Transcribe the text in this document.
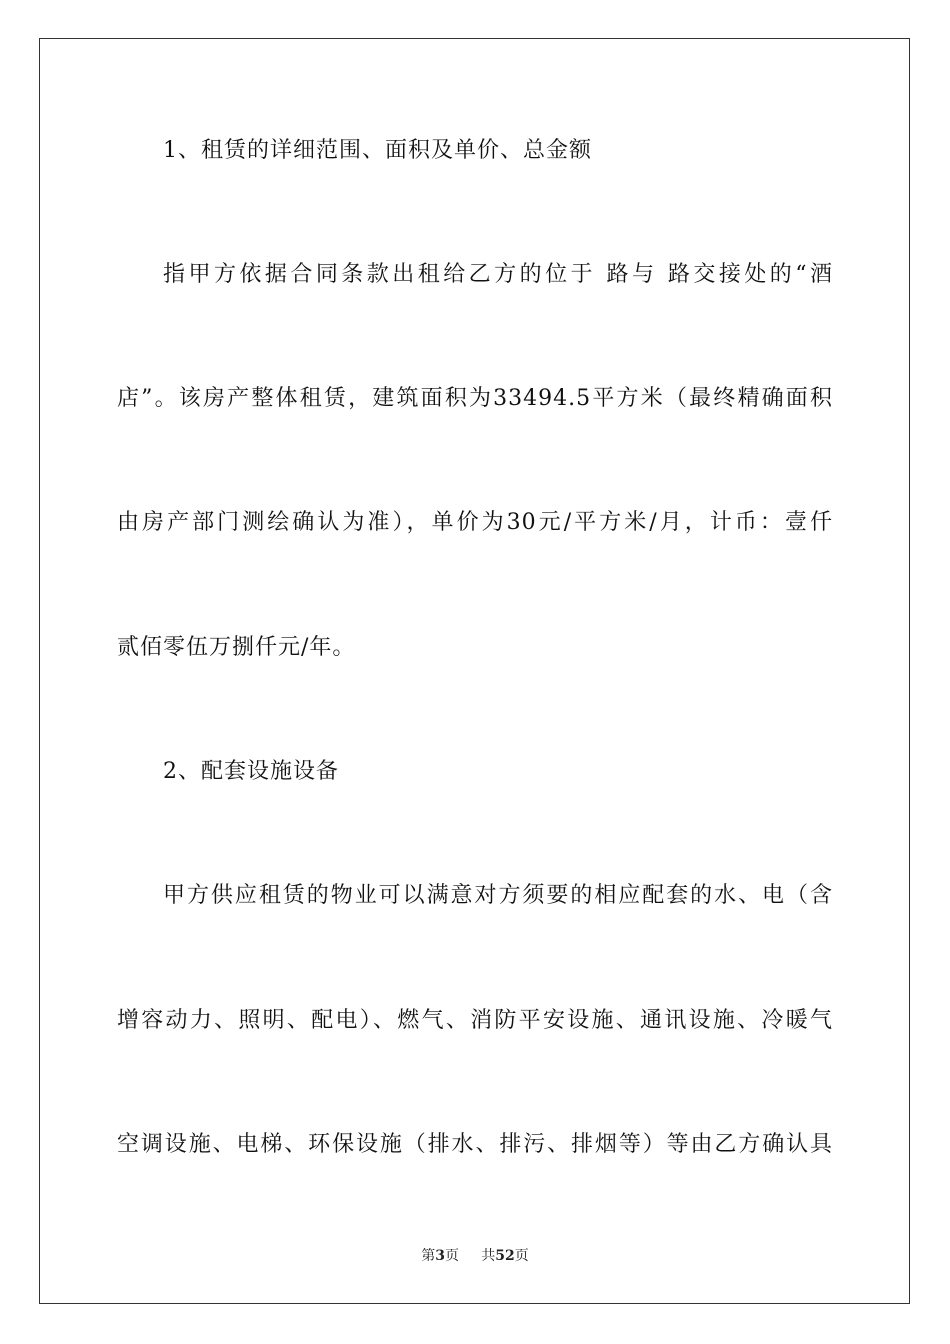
1、租赁的详细范围、面积及单价、总金额
指甲方依据合同条款出租给乙方的位于 路与 路交接处的“酒
店”。该房产整体租赁，建筑面积为33494.5平方米（最终精确面积
由房产部门测绘确认为准），单价为30元/平方米/月，计币：壹仟
贰佰零伍万捌仟元/年。
2、配套设施设备
甲方供应租赁的物业可以满意对方须要的相应配套的水、电（含
增容动力、照明、配电）、燃气、消防平安设施、通讯设施、冷暖气
空调设施、电梯、环保设施（排水、排污、排烟等）等由乙方确认具
第3页 共52页
